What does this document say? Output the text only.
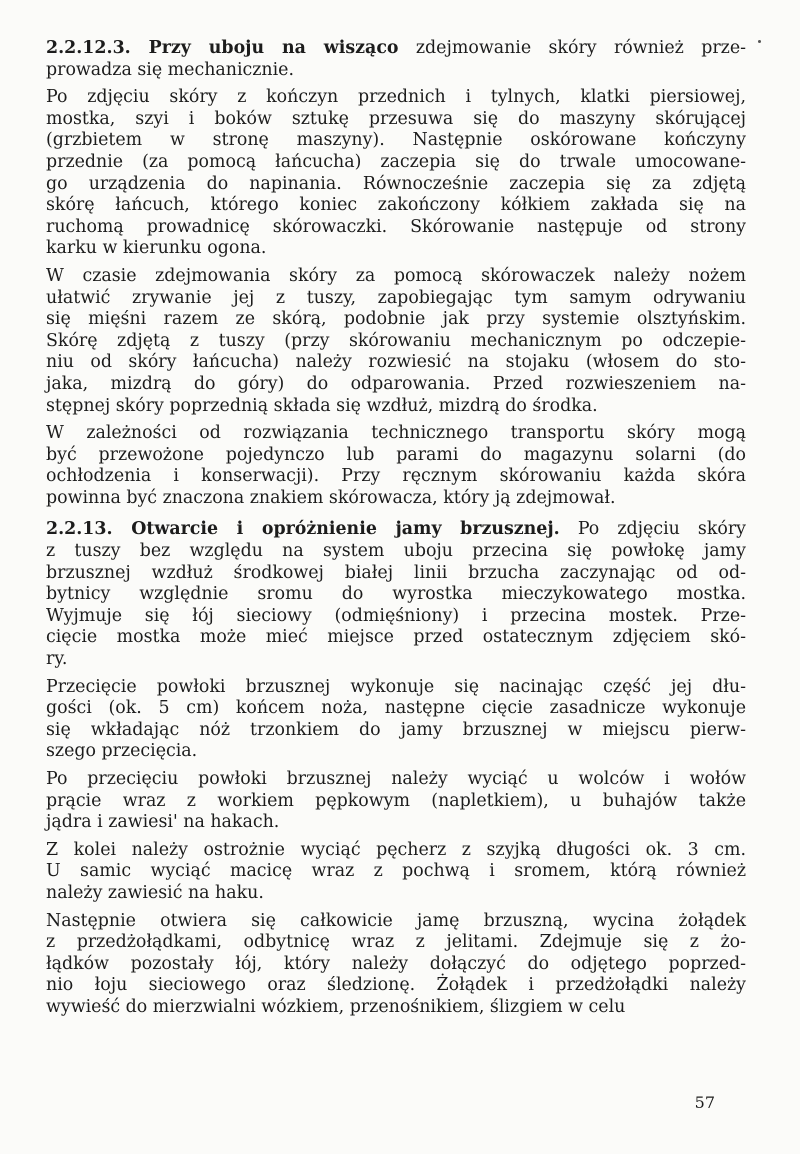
2.2.12.3. Przy uboju na wisząco zdejmowanie skóry również prze-
prowadza się mechanicznie.
Po zdjęciu skóry z kończyn przednich i tylnych, klatki piersiowej,
mostka, szyi i boków sztukę przesuwa się do maszyny skórującej
(grzbietem w stronę maszyny). Następnie oskórowane kończyny
przednie (za pomocą łańcucha) zaczepia się do trwale umocowane-
go urządzenia do napinania. Równocześnie zaczepia się za zdjętą
skórę łańcuch, którego koniec zakończony kółkiem zakłada się na
ruchomą prowadnicę skórowaczki. Skórowanie następuje od strony
karku w kierunku ogona.
W czasie zdejmowania skóry za pomocą skórowaczek należy nożem
ułatwić zrywanie jej z tuszy, zapobiegając tym samym odrywaniu
się mięśni razem ze skórą, podobnie jak przy systemie olsztyńskim.
Skórę zdjętą z tuszy (przy skórowaniu mechanicznym po odczepie-
niu od skóry łańcucha) należy rozwiesić na stojaku (włosem do sto-
jaka, mizdrą do góry) do odparowania. Przed rozwieszeniem na-
stępnej skóry poprzednią składa się wzdłuż, mizdrą do środka.
W zależności od rozwiązania technicznego transportu skóry mogą
być przewożone pojedynczo lub parami do magazynu solarni (do
ochłodzenia i konserwacji). Przy ręcznym skórowaniu każda skóra
powinna być znaczona znakiem skórowacza, który ją zdejmował.
2.2.13. Otwarcie i opróżnienie jamy brzusznej. Po zdjęciu skóry
z tuszy bez względu na system uboju przecina się powłokę jamy
brzusznej wzdłuż środkowej białej linii brzucha zaczynając od od-
bytnicy względnie sromu do wyrostka mieczykowatego mostka.
Wyjmuje się łój sieciowy (odmięśniony) i przecina mostek. Prze-
cięcie mostka może mieć miejsce przed ostatecznym zdjęciem skó-
ry.
Przecięcie powłoki brzusznej wykonuje się nacinając część jej dłu-
gości (ok. 5 cm) końcem noża, następne cięcie zasadnicze wykonuje
się wkładając nóż trzonkiem do jamy brzusznej w miejscu pierw-
szego przecięcia.
Po przecięciu powłoki brzusznej należy wyciąć u wolców i wołów
prącie wraz z workiem pępkowym (napletkiem), u buhajów także
jądra i zawiesi' na hakach.
Z kolei należy ostrożnie wyciąć pęcherz z szyjką długości ok. 3 cm.
U samic wyciąć macicę wraz z pochwą i sromem, którą również
należy zawiesić na haku.
Następnie otwiera się całkowicie jamę brzuszną, wycina żołądek
z przedżołądkami, odbytnicę wraz z jelitami. Zdejmuje się z żo-
łądków pozostały łój, który należy dołączyć do odjętego poprzed-
nio łoju sieciowego oraz śledzionę. Żołądek i przedżołądki należy
wywieść do mierzwialni wózkiem, przenośnikiem, ślizgiem w celu
57
